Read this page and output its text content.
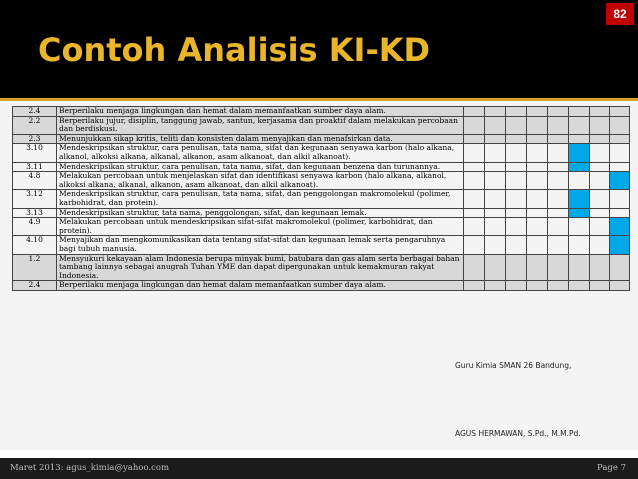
82
Contoh Analisis KI-KD
2.4	Berperilaku menjaga lingkungan dan hemat dalam memanfaatkan sumber daya alam.								
2.2	Berperilaku jujur, disiplin, tanggung jawab, santun, kerjasama dan proaktif dalam melakukan percobaan dan berdiskusi.								
2.3	Menunjukkan sikap kritis, teliti dan konsisten dalam menyajikan dan menafsirkan data.								
3.10	Mendeskripsikan struktur, cara penulisan, tata nama, sifat dan kegunaan senyawa karbon (halo alkana, alkanol, alkoksi alkana, alkanal, alkanon, asam alkanoat, dan alkil alkanoat).								
3.11	Mendeskripsikan struktur, cara penulisan, tata nama, sifat, dan kegunaan benzena dan turunannya.								
4.8	Melakukan percobaan untuk menjelaskan sifat dan identifikasi senyawa karbon (halo alkana, alkanol, alkoksi alkana, alkanal, alkanon, asam alkanoat, dan alkil alkanoat).								
3.12	Mendeskripsikan struktur, cara penulisan, tata nama, sifat, dan penggolongan makromolekul (polimer, karbohidrat, dan protein).								
3.13	Mendeskripsikan struktur, tata nama, penggolongan, sifat, dan kegunaan lemak.								
4.9	Melakukan percobaan untuk mendeskripsikan sifat-sifat makromolekul (polimer, karbohidrat, dan protein).								
4.10	Menyajikan dan mengkomunikasikan data tentang sifat-sifat dan kegunaan lemak serta pengaruhnya bagi tubuh manusia.								
1.2	Mensyukuri kekayaan alam Indonesia berupa minyak bumi, batubara dan gas alam serta berbagai bahan tambang lainnya sebagai anugrah Tuhan YME dan dapat dipergunakan untuk kemakmuran rakyat Indonesia.								
2.4	Berperilaku menjaga lingkungan dan hemat dalam memanfaatkan sumber daya alam.								
Guru Kimia SMAN 26 Bandung,
AGUS HERMAWAN, S.Pd., M.M.Pd.
Maret 2013: agus_kimia@yahoo.com	Page 7
